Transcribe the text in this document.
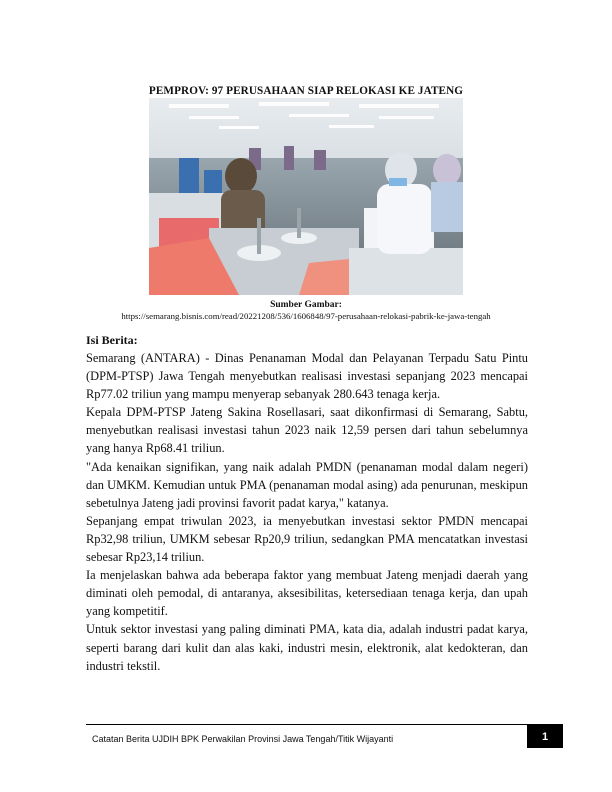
PEMPROV: 97 PERUSAHAAN SIAP RELOKASI KE JATENG
Sumber Gambar:
https://semarang.bisnis.com/read/20221208/536/1606848/97-perusahaan-relokasi-pabrik-ke-jawa-tengah
Isi Berita:

Semarang (ANTARA) - Dinas Penanaman Modal dan Pelayanan Terpadu Satu Pintu (DPM-PTSP) Jawa Tengah menyebutkan realisasi investasi sepanjang 2023 mencapai Rp77.02 triliun yang mampu menyerap sebanyak 280.643 tenaga kerja.

Kepala DPM-PTSP Jateng Sakina Rosellasari, saat dikonfirmasi di Semarang, Sabtu, menyebutkan realisasi investasi tahun 2023 naik 12,59 persen dari tahun sebelumnya yang hanya Rp68.41 triliun.

"Ada kenaikan signifikan, yang naik adalah PMDN (penanaman modal dalam negeri) dan UMKM. Kemudian untuk PMA (penanaman modal asing) ada penurunan, meskipun sebetulnya Jateng jadi provinsi favorit padat karya," katanya.

Sepanjang empat triwulan 2023, ia menyebutkan investasi sektor PMDN mencapai Rp32,98 triliun, UMKM sebesar Rp20,9 triliun, sedangkan PMA mencatatkan investasi sebesar Rp23,14 triliun.

Ia menjelaskan bahwa ada beberapa faktor yang membuat Jateng menjadi daerah yang diminati oleh pemodal, di antaranya, aksesibilitas, ketersediaan tenaga kerja, dan upah yang kompetitif.

Untuk sektor investasi yang paling diminati PMA, kata dia, adalah industri padat karya, seperti barang dari kulit dan alas kaki, industri mesin, elektronik, alat kedokteran, dan industri tekstil.

Catatan Berita UJDIH BPK Perwakilan Provinsi Jawa Tengah/Titik Wijayanti	1
